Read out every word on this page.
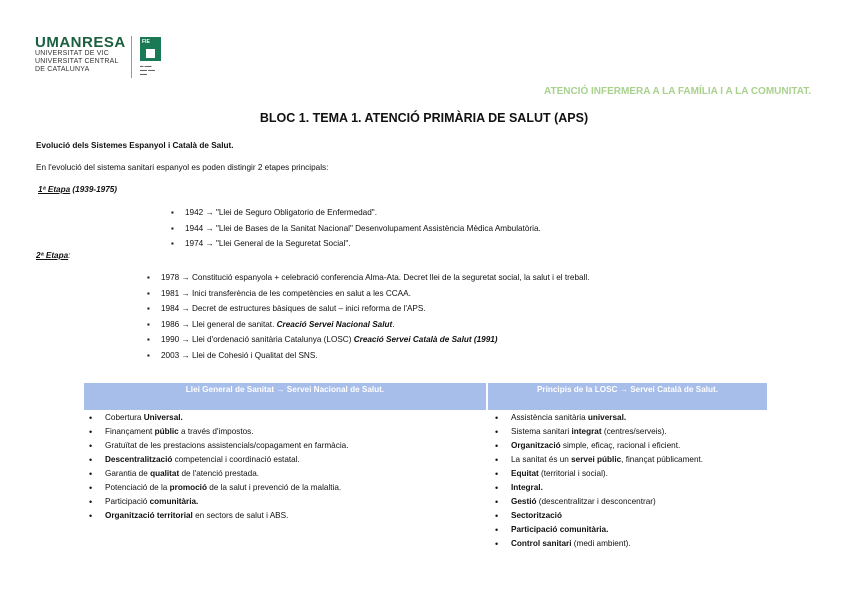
UMANRESA
UNIVERSITAT DE VIC
UNIVERSITAT CENTRAL
DE CATALUNYA
FIE
▬ ▬▬
▬▬ ▬▬
▬▬
ATENCIÓ INFERMERA A LA FAMÍLIA I A LA COMUNITAT.
BLOC 1. TEMA 1. ATENCIÓ PRIMÀRIA DE SALUT (APS)
Evolució dels Sistemes Espanyol i Català de Salut.
En l'evolució del sistema sanitari espanyol es poden distingir 2 etapes principals:
1ª Etapa (1939-1975)
▪ 1942 → "Llei de Seguro Obligatorio de Enfermedad".
▪ 1944 → "Llei de Bases de la Sanitat Nacional" Desenvolupament Assistència Mèdica Ambulatòria.
▪ 1974 → "Llei General de la Seguretat Social".
2ª Etapa:
▪ 1978 → Constitució espanyola + celebració conferencia Alma-Ata. Decret llei de la seguretat social, la salut i el treball.
▪ 1981 → Inici transferència de les competències en salut a les CCAA.
▪ 1984 → Decret de estructures bàsiques de salut – inici reforma de l'APS.
▪ 1986 → Llei general de sanitat. Creació Servei Nacional Salut.
▪ 1990 → Llei d'ordenació sanitària Catalunya (LOSC) Creació Servei Català de Salut (1991)
▪ 2003 → Llei de Cohesió i Qualitat del SNS.
Llei General de Sanitat → Servei Nacional de Salut.	Principis de la LOSC → Servei Català de Salut.
• Cobertura Universal.
• Finançament públic a través d'impostos.
• Gratuïtat de les prestacions assistencials/copagament en farmàcia.
• Descentralització competencial i coordinació estatal.
• Garantia de qualitat de l'atenció prestada.
• Potenciació de la promoció de la salut i prevenció de la malaltia.
• Participació comunitària.
• Organització territorial en sectors de salut i ABS.
• Assistència sanitària universal.
• Sistema sanitari integrat (centres/serveis).
• Organització simple, eficaç, racional i eficient.
• La sanitat és un servei públic, finançat públicament.
• Equitat (territorial i social).
• Integral.
• Gestió (descentralitzar i desconcentrar)
• Sectorització
• Participació comunitària.
• Control sanitari (medi ambient).
